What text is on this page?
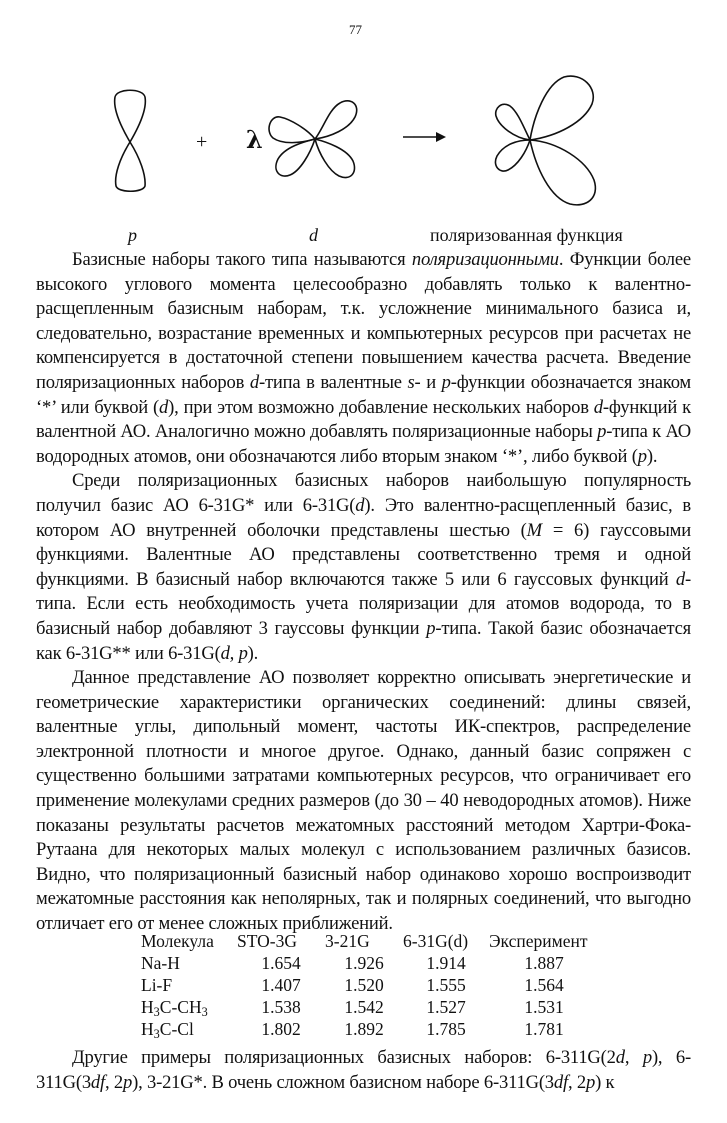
77
+ λ
p	d	поляризованная функция

Базисные наборы такого типа называются поляризационными. Функции более высокого углового момента целесообразно добавлять только к валентно-расщепленным базисным наборам, т.к. усложнение минимального базиса и, следовательно, возрастание временных и компьютерных ресурсов при расчетах не компенсируется в достаточной степени повышением качества расчета. Введение поляризационных наборов d-типа в валентные s- и p-функции обозначается знаком ‘*’ или буквой (d), при этом возможно добавление нескольких наборов d-функций к валентной АО. Аналогично можно добавлять поляризационные наборы p-типа к АО водородных атомов, они обозначаются либо вторым знаком ‘*’, либо буквой (p).

Среди поляризационных базисных наборов наибольшую популярность получил базис АО 6-31G* или 6-31G(d). Это валентно-расщепленный базис, в котором АО внутренней оболочки представлены шестью (M = 6) гауссовыми функциями. Валентные АО представлены соответственно тремя и одной функциями. В базисный набор включаются также 5 или 6 гауссовых функций d-типа. Если есть необходимость учета поляризации для атомов водорода, то в базисный набор добавляют 3 гауссовы функции p-типа. Такой базис обозначается как 6-31G** или 6-31G(d, p).

Данное представление АО позволяет корректно описывать энергетические и геометрические характеристики органических соединений: длины связей, валентные углы, дипольный момент, частоты ИК-спектров, распределение электронной плотности и многое другое. Однако, данный базис сопряжен с существенно большими затратами компьютерных ресурсов, что ограничивает его применение молекулами средних размеров (до 30 – 40 неводородных атомов). Ниже показаны результаты расчетов межатомных расстояний методом Хартри-Фока-Рутаана для некоторых малых молекул с использованием различных базисов. Видно, что поляризационный базисный набор одинаково хорошо воспроизводит межатомные расстояния как неполярных, так и полярных соединений, что выгодно отличает его от менее сложных приближений.

Молекула	STO-3G	3-21G	6-31G(d)	Эксперимент
Na-H	1.654	1.926	1.914	1.887
Li-F	1.407	1.520	1.555	1.564
$H_3C-CH_3$	1.538	1.542	1.527	1.531
$H_3C-Cl$	1.802	1.892	1.785	1.781

Другие примеры поляризационных базисных наборов: 6-311G(2d, p), 6-311G(3df, 2p), 3-21G*. В очень сложном базисном наборе 6-311G(3df, 2p) к
